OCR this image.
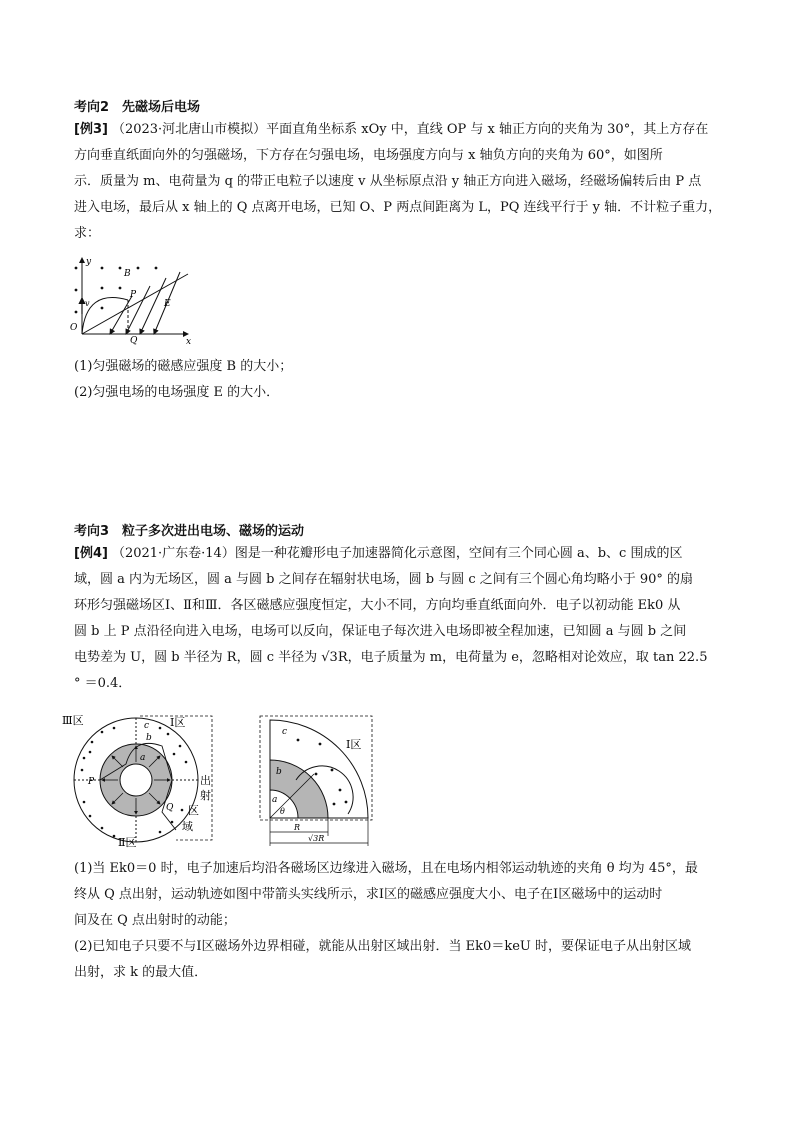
考向2　先磁场后电场

[例3] （2023·河北唐山市模拟）平面直角坐标系 xOy 中，直线 OP 与 x 轴正方向的夹角为 30°，其上方存在

方向垂直纸面向外的匀强磁场，下方存在匀强电场，电场强度方向与 x 轴负方向的夹角为 60°，如图所

示．质量为 m、电荷量为 q 的带正电粒子以速度 v 从坐标原点沿 y 轴正方向进入磁场，经磁场偏转后由 P 点

进入电场，最后从 x 轴上的 Q 点离开电场，已知 O、P 两点间距离为 L，PQ 连线平行于 y 轴．不计粒子重力，

求：

y
x
O
B
P
v
Q
E

(1)匀强磁场的磁感应强度 B 的大小；

(2)匀强电场的电场强度 E 的大小．

考向3　粒子多次进出电场、磁场的运动

[例4] （2021·广东卷·14）图是一种花瓣形电子加速器简化示意图，空间有三个同心圆 a、b、c 围成的区

域，圆 a 内为无场区，圆 a 与圆 b 之间存在辐射状电场，圆 b 与圆 c 之间有三个圆心角均略小于 90° 的扇

环形匀强磁场区Ⅰ、Ⅱ和Ⅲ．各区磁感应强度恒定，大小不同，方向均垂直纸面向外．电子以初动能 Ek0 从

圆 b 上 P 点沿径向进入电场，电场可以反向，保证电子每次进入电场即被全程加速，已知圆 a 与圆 b 之间

电势差为 U，圆 b 半径为 R，圆 c 半径为 √3R，电子质量为 m，电荷量为 e，忽略相对论效应，取 tan 22.5

° ＝0.4．

Ⅲ区	Ⅰ区
Ⅱ区
c
b
a
P
Q
出
射
区
域
c
b
a
θ
Ⅰ区
R
√3R

(1)当 Ek0＝0 时，电子加速后均沿各磁场区边缘进入磁场，且在电场内相邻运动轨迹的夹角 θ 均为 45°，最

终从 Q 点出射，运动轨迹如图中带箭头实线所示，求Ⅰ区的磁感应强度大小、电子在Ⅰ区磁场中的运动时

间及在 Q 点出射时的动能；

(2)已知电子只要不与Ⅰ区磁场外边界相碰，就能从出射区域出射．当 Ek0＝keU 时，要保证电子从出射区域

出射，求 k 的最大值．
